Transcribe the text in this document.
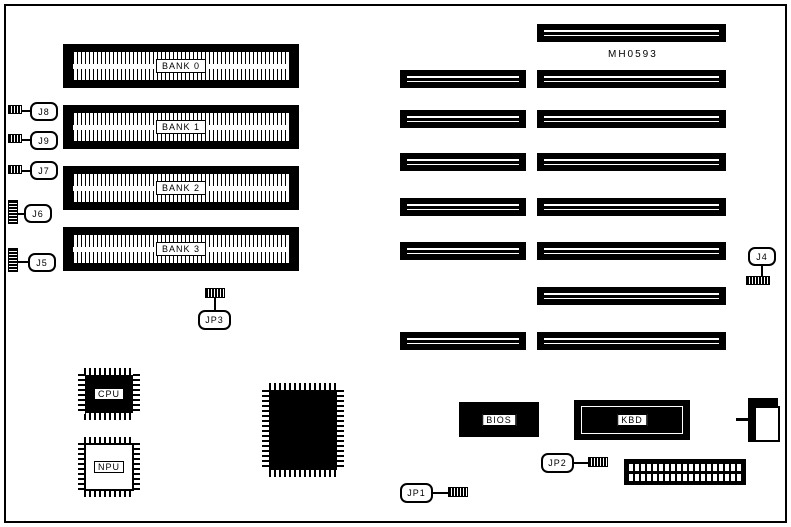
MH0593
BANK 0
BANK 1
BANK 2
BANK 3
J8
J9
J7
J6
J5
J4
JP3
CPU
NPU
BIOS	KBD
JP2
JP1
